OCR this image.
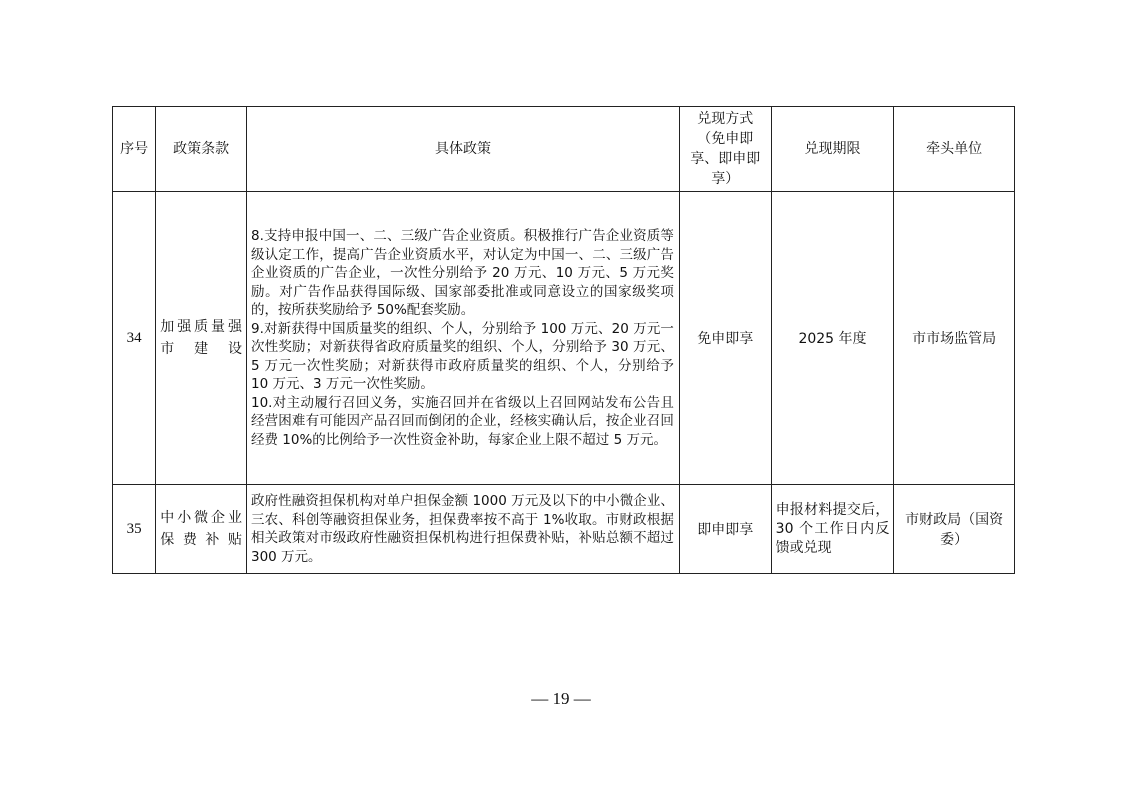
序号	政策条款	具体政策	兑现方式（免申即享、即申即享）	兑现期限	牵头单位
34	加强质量强市建设	8.支持申报中国一、二、三级广告企业资质。积极推行广告企业资质等级认定工作，提高广告企业资质水平，对认定为中国一、二、三级广告企业资质的广告企业，一次性分别给予 20 万元、10 万元、5 万元奖励。对广告作品获得国际级、国家部委批准或同意设立的国家级奖项的，按所获奖励给予 50%配套奖励。
9.对新获得中国质量奖的组织、个人，分别给予 100 万元、20 万元一次性奖励；对新获得省政府质量奖的组织、个人，分别给予 30 万元、5 万元一次性奖励；对新获得市政府质量奖的组织、个人，分别给予 10 万元、3 万元一次性奖励。
10.对主动履行召回义务，实施召回并在省级以上召回网站发布公告且经营困难有可能因产品召回而倒闭的企业，经核实确认后，按企业召回经费 10%的比例给予一次性资金补助，每家企业上限不超过 5 万元。	免申即享	2025 年度	市市场监管局
35	中小微企业保费补贴	政府性融资担保机构对单户担保金额 1000 万元及以下的中小微企业、三农、科创等融资担保业务，担保费率按不高于 1%收取。市财政根据相关政策对市级政府性融资担保机构进行担保费补贴，补贴总额不超过 300 万元。	即申即享	申报材料提交后，30 个工作日内反馈或兑现	市财政局（国资委）
— 19 —
